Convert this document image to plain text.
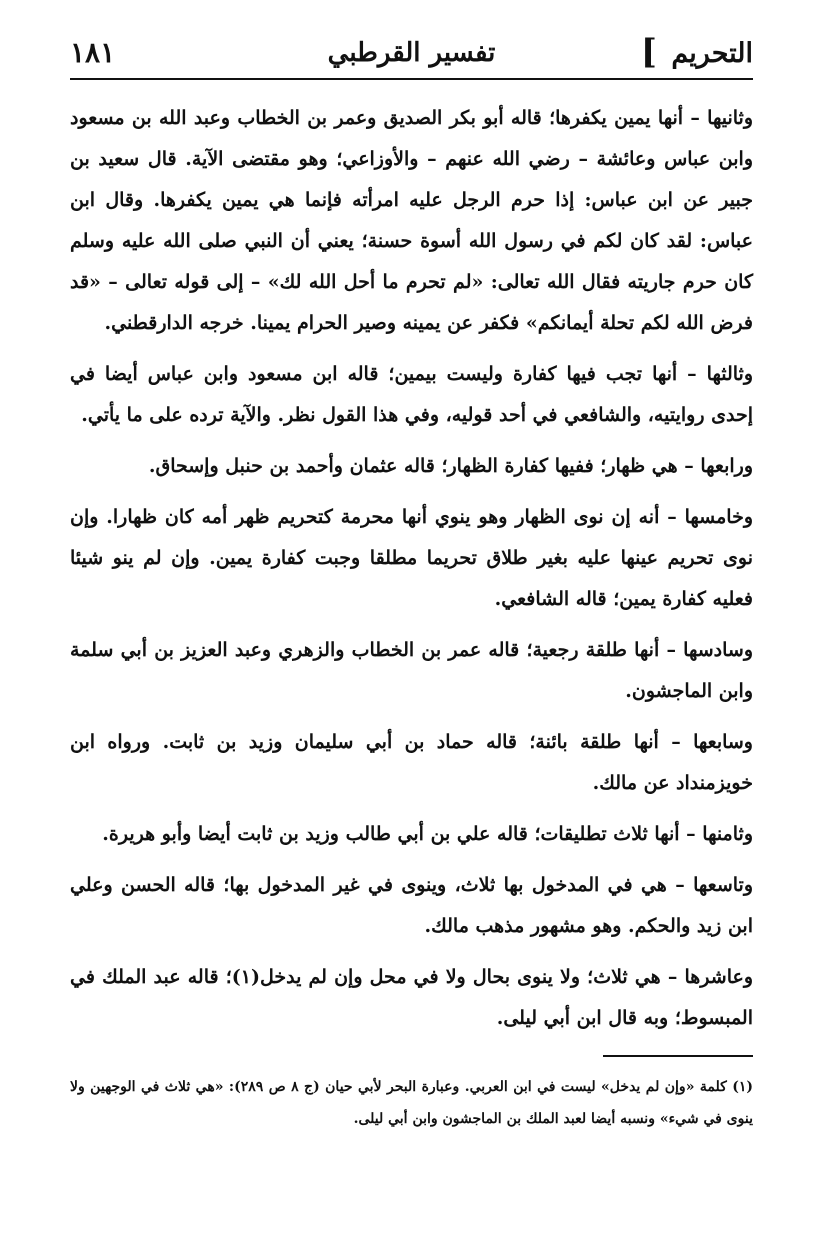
التحريم
]
تفسير القرطبي
١٨١

وثانيها – أنها يمين يكفرها؛ قاله أبو بكر الصديق وعمر بن الخطاب وعبد الله بن مسعود وابن عباس وعائشة – رضي الله عنهم – والأوزاعي؛ وهو مقتضى الآية. قال سعيد بن جبير عن ابن عباس: إذا حرم الرجل عليه امرأته فإنما هي يمين يكفرها. وقال ابن عباس: لقد كان لكم في رسول الله أسوة حسنة؛ يعني أن النبي صلى الله عليه وسلم كان حرم جاريته فقال الله تعالى: «لم تحرم ما أحل الله لك» – إلى قوله تعالى – «قد فرض الله لكم تحلة أيمانكم» فكفر عن يمينه وصير الحرام يمينا. خرجه الدارقطني.

وثالثها – أنها تجب فيها كفارة وليست بيمين؛ قاله ابن مسعود وابن عباس أيضا في إحدى روايتيه، والشافعي في أحد قوليه، وفي هذا القول نظر. والآية ترده على ما يأتي.

ورابعها – هي ظهار؛ ففيها كفارة الظهار؛ قاله عثمان وأحمد بن حنبل وإسحاق.

وخامسها – أنه إن نوى الظهار وهو ينوي أنها محرمة كتحريم ظهر أمه كان ظهارا. وإن نوى تحريم عينها عليه بغير طلاق تحريما مطلقا وجبت كفارة يمين. وإن لم ينو شيئا فعليه كفارة يمين؛ قاله الشافعي.

وسادسها – أنها طلقة رجعية؛ قاله عمر بن الخطاب والزهري وعبد العزيز بن أبي سلمة وابن الماجشون.

وسابعها – أنها طلقة بائنة؛ قاله حماد بن أبي سليمان وزيد بن ثابت. ورواه ابن خويزمنداد عن مالك.

وثامنها – أنها ثلاث تطليقات؛ قاله علي بن أبي طالب وزيد بن ثابت أيضا وأبو هريرة.

وتاسعها – هي في المدخول بها ثلاث، وينوى في غير المدخول بها؛ قاله الحسن وعلي ابن زيد والحكم. وهو مشهور مذهب مالك.

وعاشرها – هي ثلاث؛ ولا ينوى بحال ولا في محل وإن لم يدخل(١)؛ قاله عبد الملك في المبسوط؛ وبه قال ابن أبي ليلى.

(١) كلمة «وإن لم يدخل» ليست في ابن العربي. وعبارة البحر لأبي حيان (ج ٨ ص ٢٨٩): «هي ثلاث في الوجهين ولا ينوى في شيء» ونسبه أيضا لعبد الملك بن الماجشون وابن أبي ليلى.
